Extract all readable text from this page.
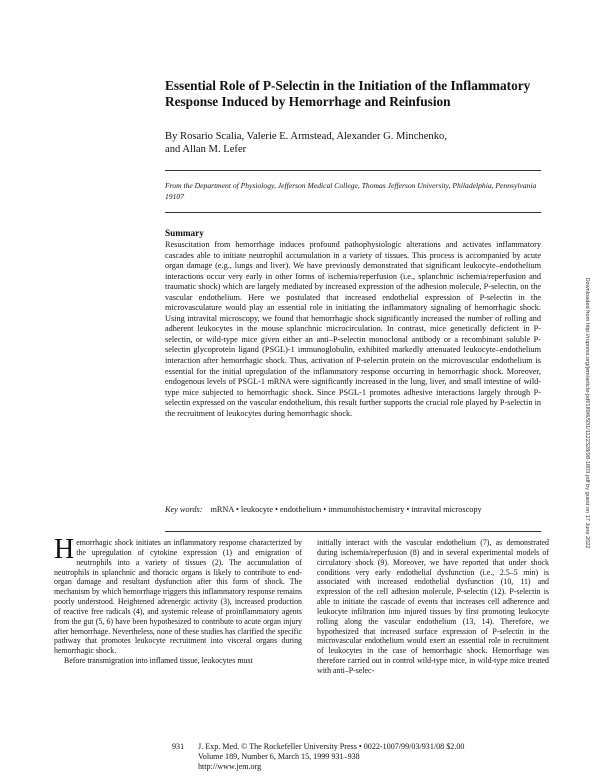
Essential Role of P-Selectin in the Initiation of the Inflammatory Response Induced by Hemorrhage and Reinfusion
By Rosario Scalia, Valerie E. Armstead, Alexander G. Minchenko,
and Allan M. Lefer
From the Department of Physiology, Jefferson Medical College, Thomas Jefferson University, Philadelphia, Pennsylvania 19107
Summary
Resuscitation from hemorrhage induces profound pathophysiologic alterations and activates inflammatory cascades able to initiate neutrophil accumulation in a variety of tissues. This process is accompanied by acute organ damage (e.g., lungs and liver). We have previously demonstrated that significant leukocyte–endothelium interactions occur very early in other forms of ischemia/reperfusion (i.e., splanchnic ischemia/reperfusion and traumatic shock) which are largely mediated by increased expression of the adhesion molecule, P-selectin, on the vascular endothelium. Here we postulated that increased endothelial expression of P-selectin in the microvasculature would play an essential role in initiating the inflammatory signaling of hemorrhagic shock. Using intravital microscopy, we found that hemorrhagic shock significantly increased the number of rolling and adherent leukocytes in the mouse splanchnic microcirculation. In contrast, mice genetically deficient in P-selectin, or wild-type mice given either an anti–P-selectin monoclonal antibody or a recombinant soluble P-selectin glycoprotein ligand (PSGL)-1 immunoglobulin, exhibited markedly attenuated leukocyte–endothelium interaction after hemorrhagic shock. Thus, activation of P-selectin protein on the microvascular endothelium is essential for the initial upregulation of the inflammatory response occurring in hemorrhagic shock. Moreover, endogenous levels of PSGL-1 mRNA were significantly increased in the lung, liver, and small intestine of wild-type mice subjected to hemorrhagic shock. Since PSGL-1 promotes adhesive interactions largely through P-selectin expressed on the vascular endothelium, this result further supports the crucial role played by P-selectin in the recruitment of leukocytes during hemorrhagic shock.
Key words: mRNA • leukocyte • endothelium • immunohistochemistry • intravital microscopy

Hemorrhagic shock initiates an inflammatory response characterized by the upregulation of cytokine expression (1) and emigration of neutrophils into a variety of tissues (2). The accumulation of neutrophils in splanchnic and thoracic organs is likely to contribute to end-organ damage and resultant dysfunction after this form of shock. The mechanism by which hemorrhage triggers this inflammatory response remains poorly understood. Heightened adrenergic activity (3), increased production of reactive free radicals (4), and systemic release of proinflammatory agents from the gut (5, 6) have been hypothesized to contribute to acute organ injury after hemorrhage. Nevertheless, none of these studies has clarified the specific pathway that promotes leukocyte recruitment into visceral organs during hemorrhagic shock.

Before transmigration into inflamed tissue, leukocytes must

initially interact with the vascular endothelium (7), as demonstrated during ischemia/reperfusion (8) and in several experimental models of circulatory shock (9). Moreover, we have reported that under shock conditions very early endothelial dysfunction (i.e., 2.5–5 min) is associated with increased endothelial dysfunction (10, 11) and expression of the cell adhesion molecule, P-selectin (12). P-selectin is able to initiate the cascade of events that increases cell adherence and leukocyte infiltration into injured tissues by first promoting leukocyte rolling along the vascular endothelium (13, 14). Therefore, we hypothesized that increased surface expression of P-selectin in the microvascular endothelium would exert an essential role in recruitment of leukocytes in the case of hemorrhagic shock. Hemorrhage was therefore carried out in control wild-type mice, in wild-type mice treated with anti–P-selec-

931 J. Exp. Med. © The Rockefeller University Press • 0022-1007/99/03/931/08 $2.00
Volume 189, Number 6, March 15, 1999 931–938
http://www.jem.org
Downloaded from http://rupress.org/jem/article-pdf/189/6/931/1122328/98-1803.pdf by guest on 17 June 2022
